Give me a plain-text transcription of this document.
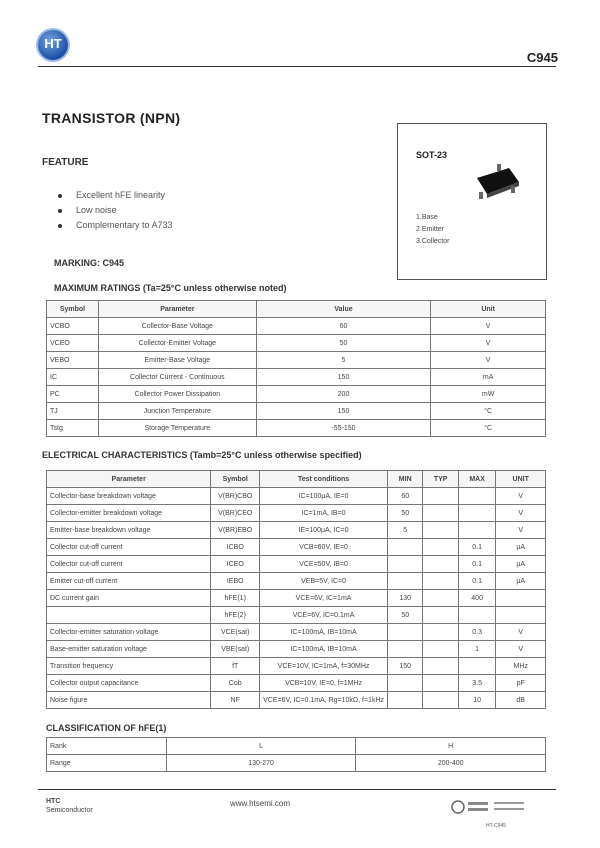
HT
C945
TRANSISTOR (NPN)
FEATURE
Excellent hFE linearity
Low noise
Complementary to A733
SOT-23
1.Base
2.Emitter
3.Collector
MARKING: C945
MAXIMUM RATINGS (Ta=25°C unless otherwise noted)
Symbol	Parameter	Value	Unit
VCBO	Collector-Base Voltage	60	V
VCEO	Collector-Emitter Voltage	50	V
VEBO	Emitter-Base Voltage	5	V
IC	Collector Current - Continuous	150	mA
PC	Collector Power Dissipation	200	mW
TJ	Junction Temperature	150	°C
Tstg	Storage Temperature	-55-150	°C
ELECTRICAL CHARACTERISTICS (Tamb=25°C unless otherwise specified)
Parameter	Symbol	Test conditions	MIN	TYP	MAX	UNIT
Collector-base breakdown voltage	V(BR)CBO	IC=100μA, IE=0	60			V
Collector-emitter breakdown voltage	V(BR)CEO	IC=1mA, IB=0	50			V
Emitter-base breakdown voltage	V(BR)EBO	IE=100μA, IC=0	5			V
Collector cut-off current	ICBO	VCB=60V, IE=0			0.1	μA
Collector cut-off current	ICEO	VCE=50V, IB=0			0.1	μA
Emitter cut-off current	IEBO	VEB=5V, IC=0			0.1	μA
DC current gain	hFE(1)	VCE=6V, IC=1mA	130		400	
	hFE(2)	VCE=6V, IC=0.1mA	50			
Collector-emitter saturation voltage	VCE(sat)	IC=100mA, IB=10mA			0.3	V
Base-emitter saturation voltage	VBE(sat)	IC=100mA, IB=10mA			1	V
Transition frequency	fT	VCE=10V, IC=1mA, f=30MHz	150			MHz
Collector output capacitance	Cob	VCB=10V, IE=0, f=1MHz			3.5	pF
Noise figure	NF	VCE=6V, IC=0.1mA, Rg=10kΩ, f=1kHz			10	dB
CLASSIFICATION OF hFE(1)
Rank	L	H
Range	130-270	200-400
HTC
Semiconductor
www.htsemi.com
HT-C945
